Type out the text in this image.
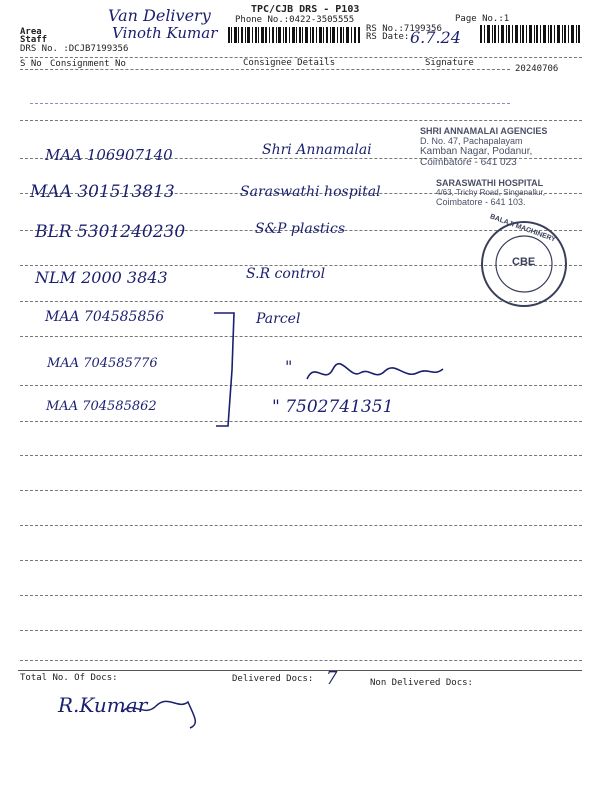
Van Delivery
Vinoth Kumar
Area
Staff
DRS No. :DCJB7199356
TPC/CJB DRS - P103
Phone No.:0422-3505555	Page No.:1
RS No.:7199356
RS Date: 6.7.24
S No Consignment No	Consignee Details	Signature
20240706
MAA 106907140	Shri Annamalai
MAA 301513813	Saraswathi hospital
BLR 5301240230	S&P plastics
NLM 2000 3843	S.R control
MAA 704585856	Parcel
MAA 704585776	"
MAA 704585862	" 7502741351
SHRI ANNAMALAI AGENCIES
D. No. 47, Pachapalayam
Kamban Nagar, Podanur,
Coimbatore - 641 023
SARASWATHI HOSPITAL
4/63, Trichy Road, Singanallur,
Coimbatore - 641 103.
BALAJI MACHINERY
CBE
Total No. Of Docs:	Delivered Docs: 7	Non Delivered Docs:
R.Kumar
